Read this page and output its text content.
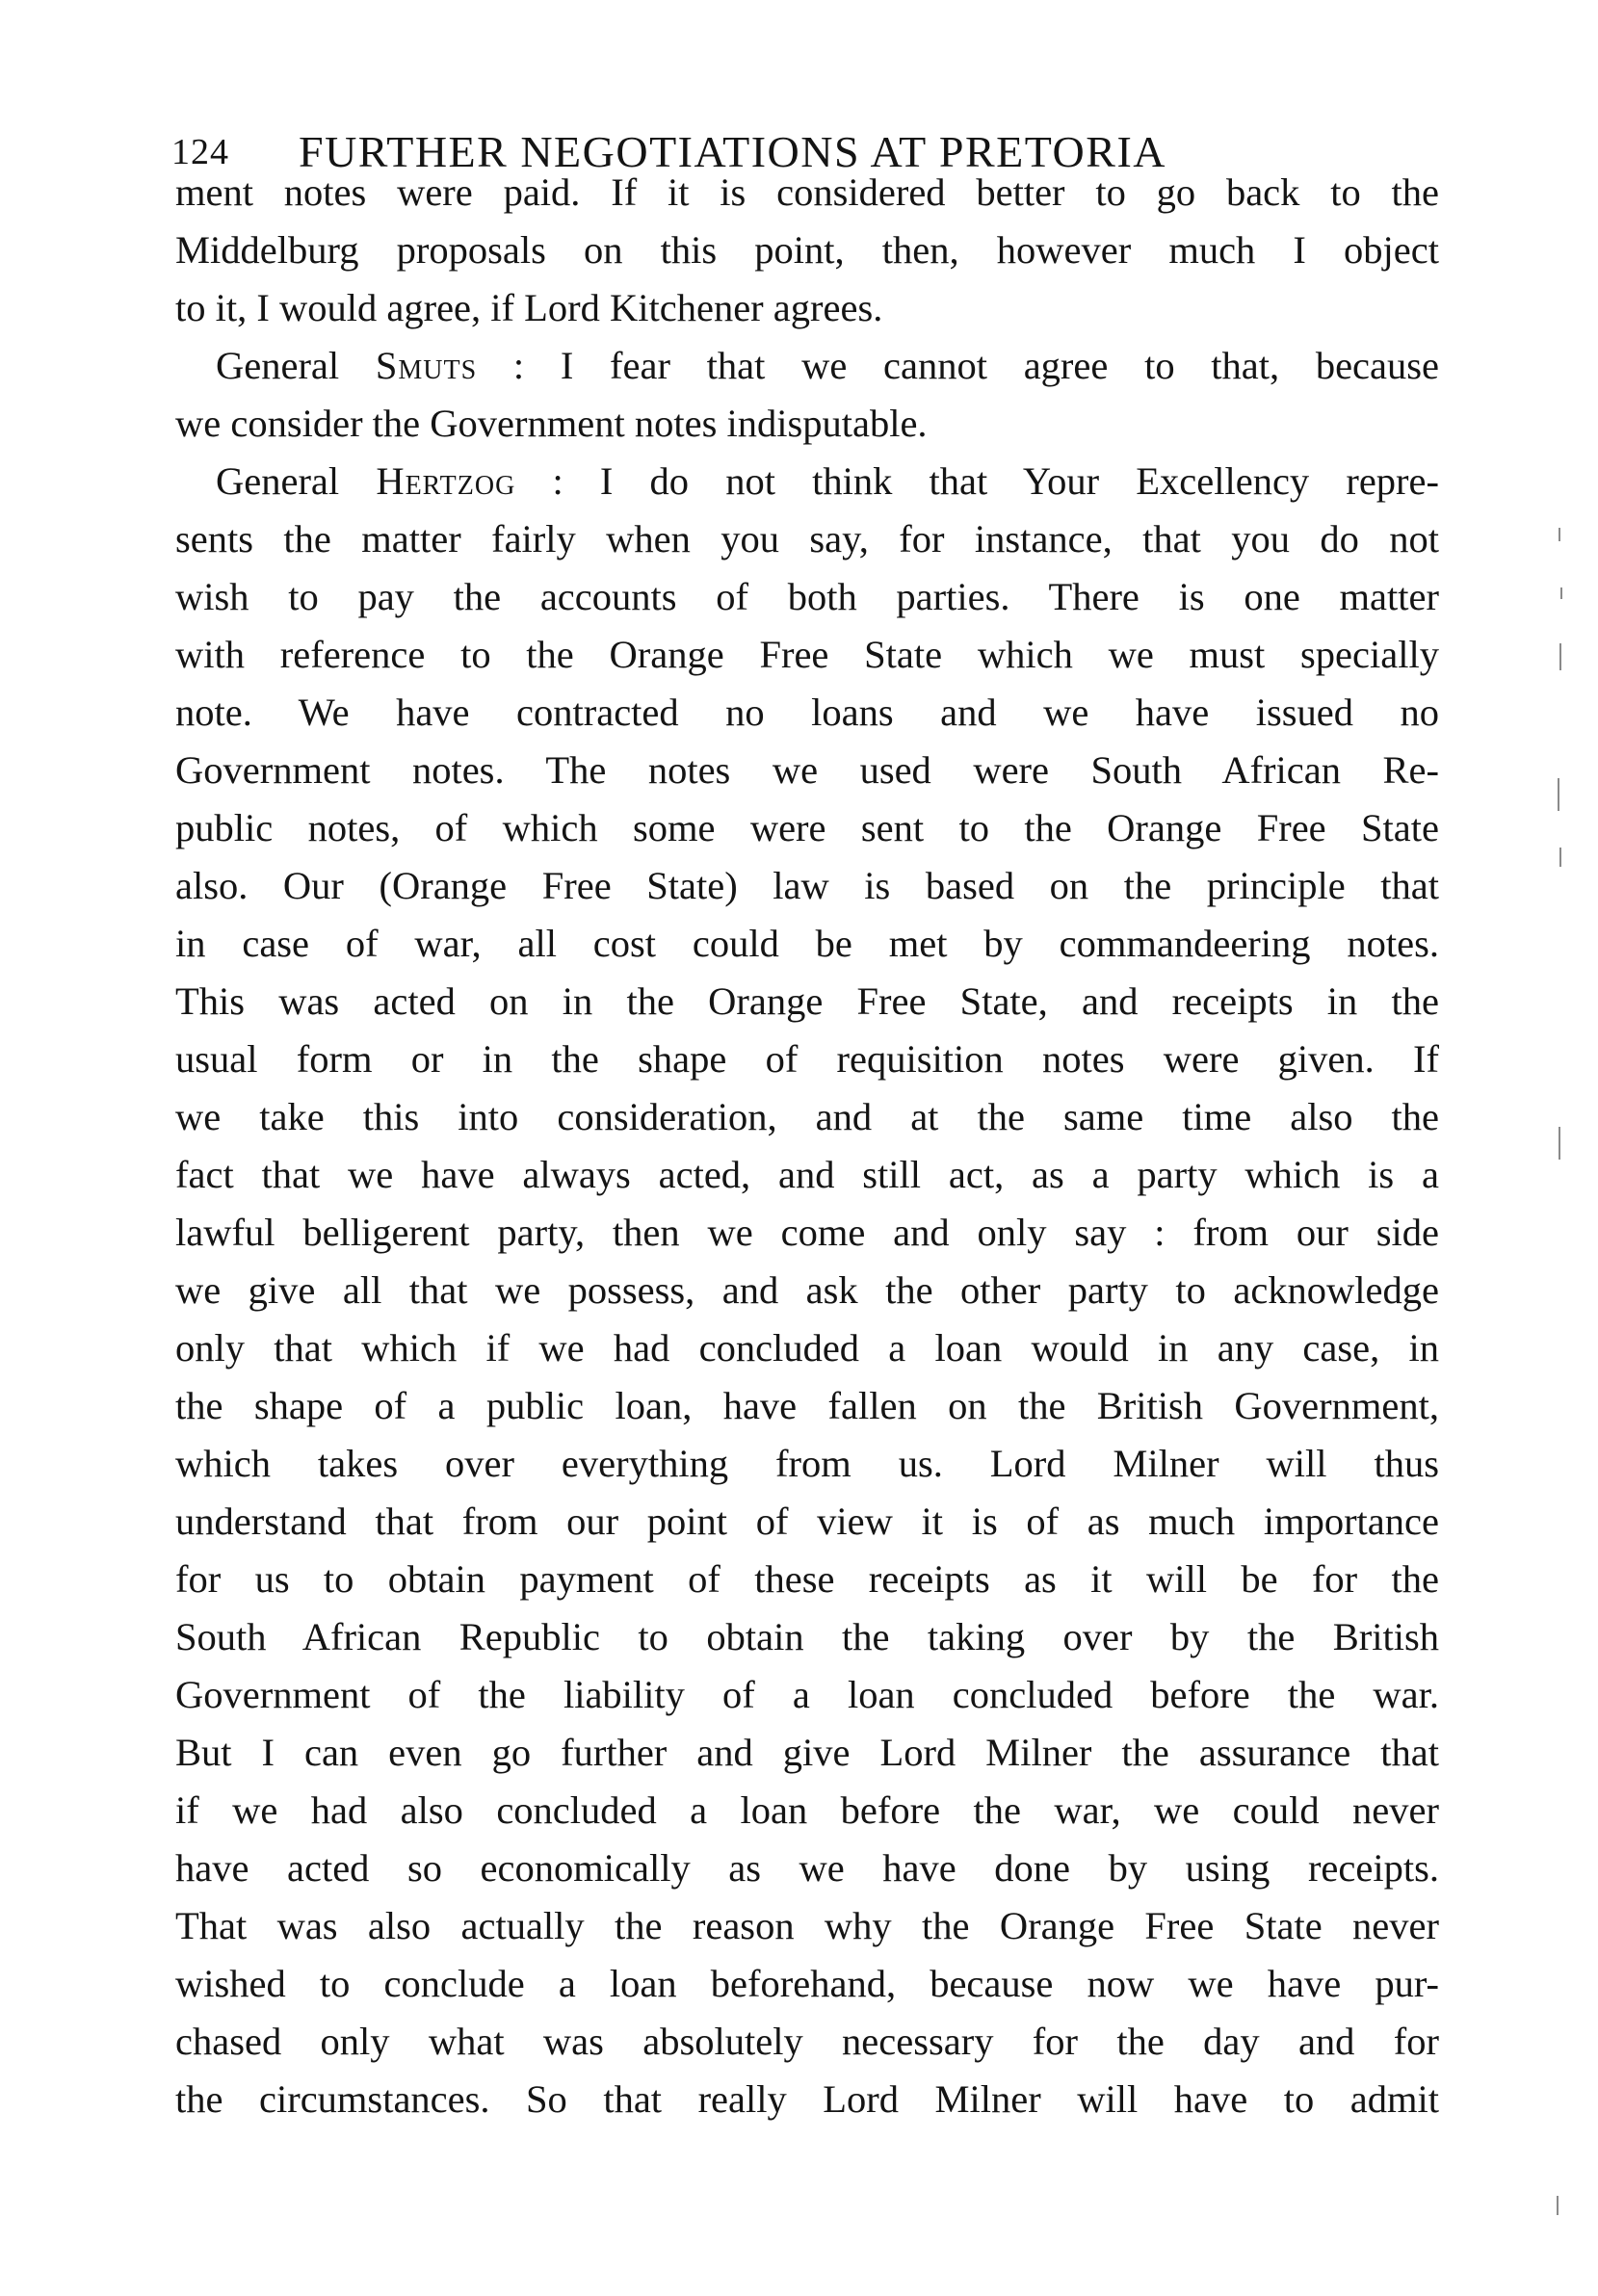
124 FURTHER NEGOTIATIONS AT PRETORIA
ment notes were paid. If it is considered better to go back to the
Middelburg proposals on this point, then, however much I object
to it, I would agree, if Lord Kitchener agrees.
General Smuts : I fear that we cannot agree to that, because
we consider the Government notes indisputable.
General Hertzog : I do not think that Your Excellency repre-
sents the matter fairly when you say, for instance, that you do not
wish to pay the accounts of both parties. There is one matter
with reference to the Orange Free State which we must specially
note. We have contracted no loans and we have issued no
Government notes. The notes we used were South African Re-
public notes, of which some were sent to the Orange Free State
also. Our (Orange Free State) law is based on the principle that
in case of war, all cost could be met by commandeering notes.
This was acted on in the Orange Free State, and receipts in the
usual form or in the shape of requisition notes were given. If
we take this into consideration, and at the same time also the
fact that we have always acted, and still act, as a party which is a
lawful belligerent party, then we come and only say : from our side
we give all that we possess, and ask the other party to acknowledge
only that which if we had concluded a loan would in any case, in
the shape of a public loan, have fallen on the British Government,
which takes over everything from us. Lord Milner will thus
understand that from our point of view it is of as much importance
for us to obtain payment of these receipts as it will be for the
South African Republic to obtain the taking over by the British
Government of the liability of a loan concluded before the war.
But I can even go further and give Lord Milner the assurance that
if we had also concluded a loan before the war, we could never
have acted so economically as we have done by using receipts.
That was also actually the reason why the Orange Free State never
wished to conclude a loan beforehand, because now we have pur-
chased only what was absolutely necessary for the day and for
the circumstances. So that really Lord Milner will have to admit
